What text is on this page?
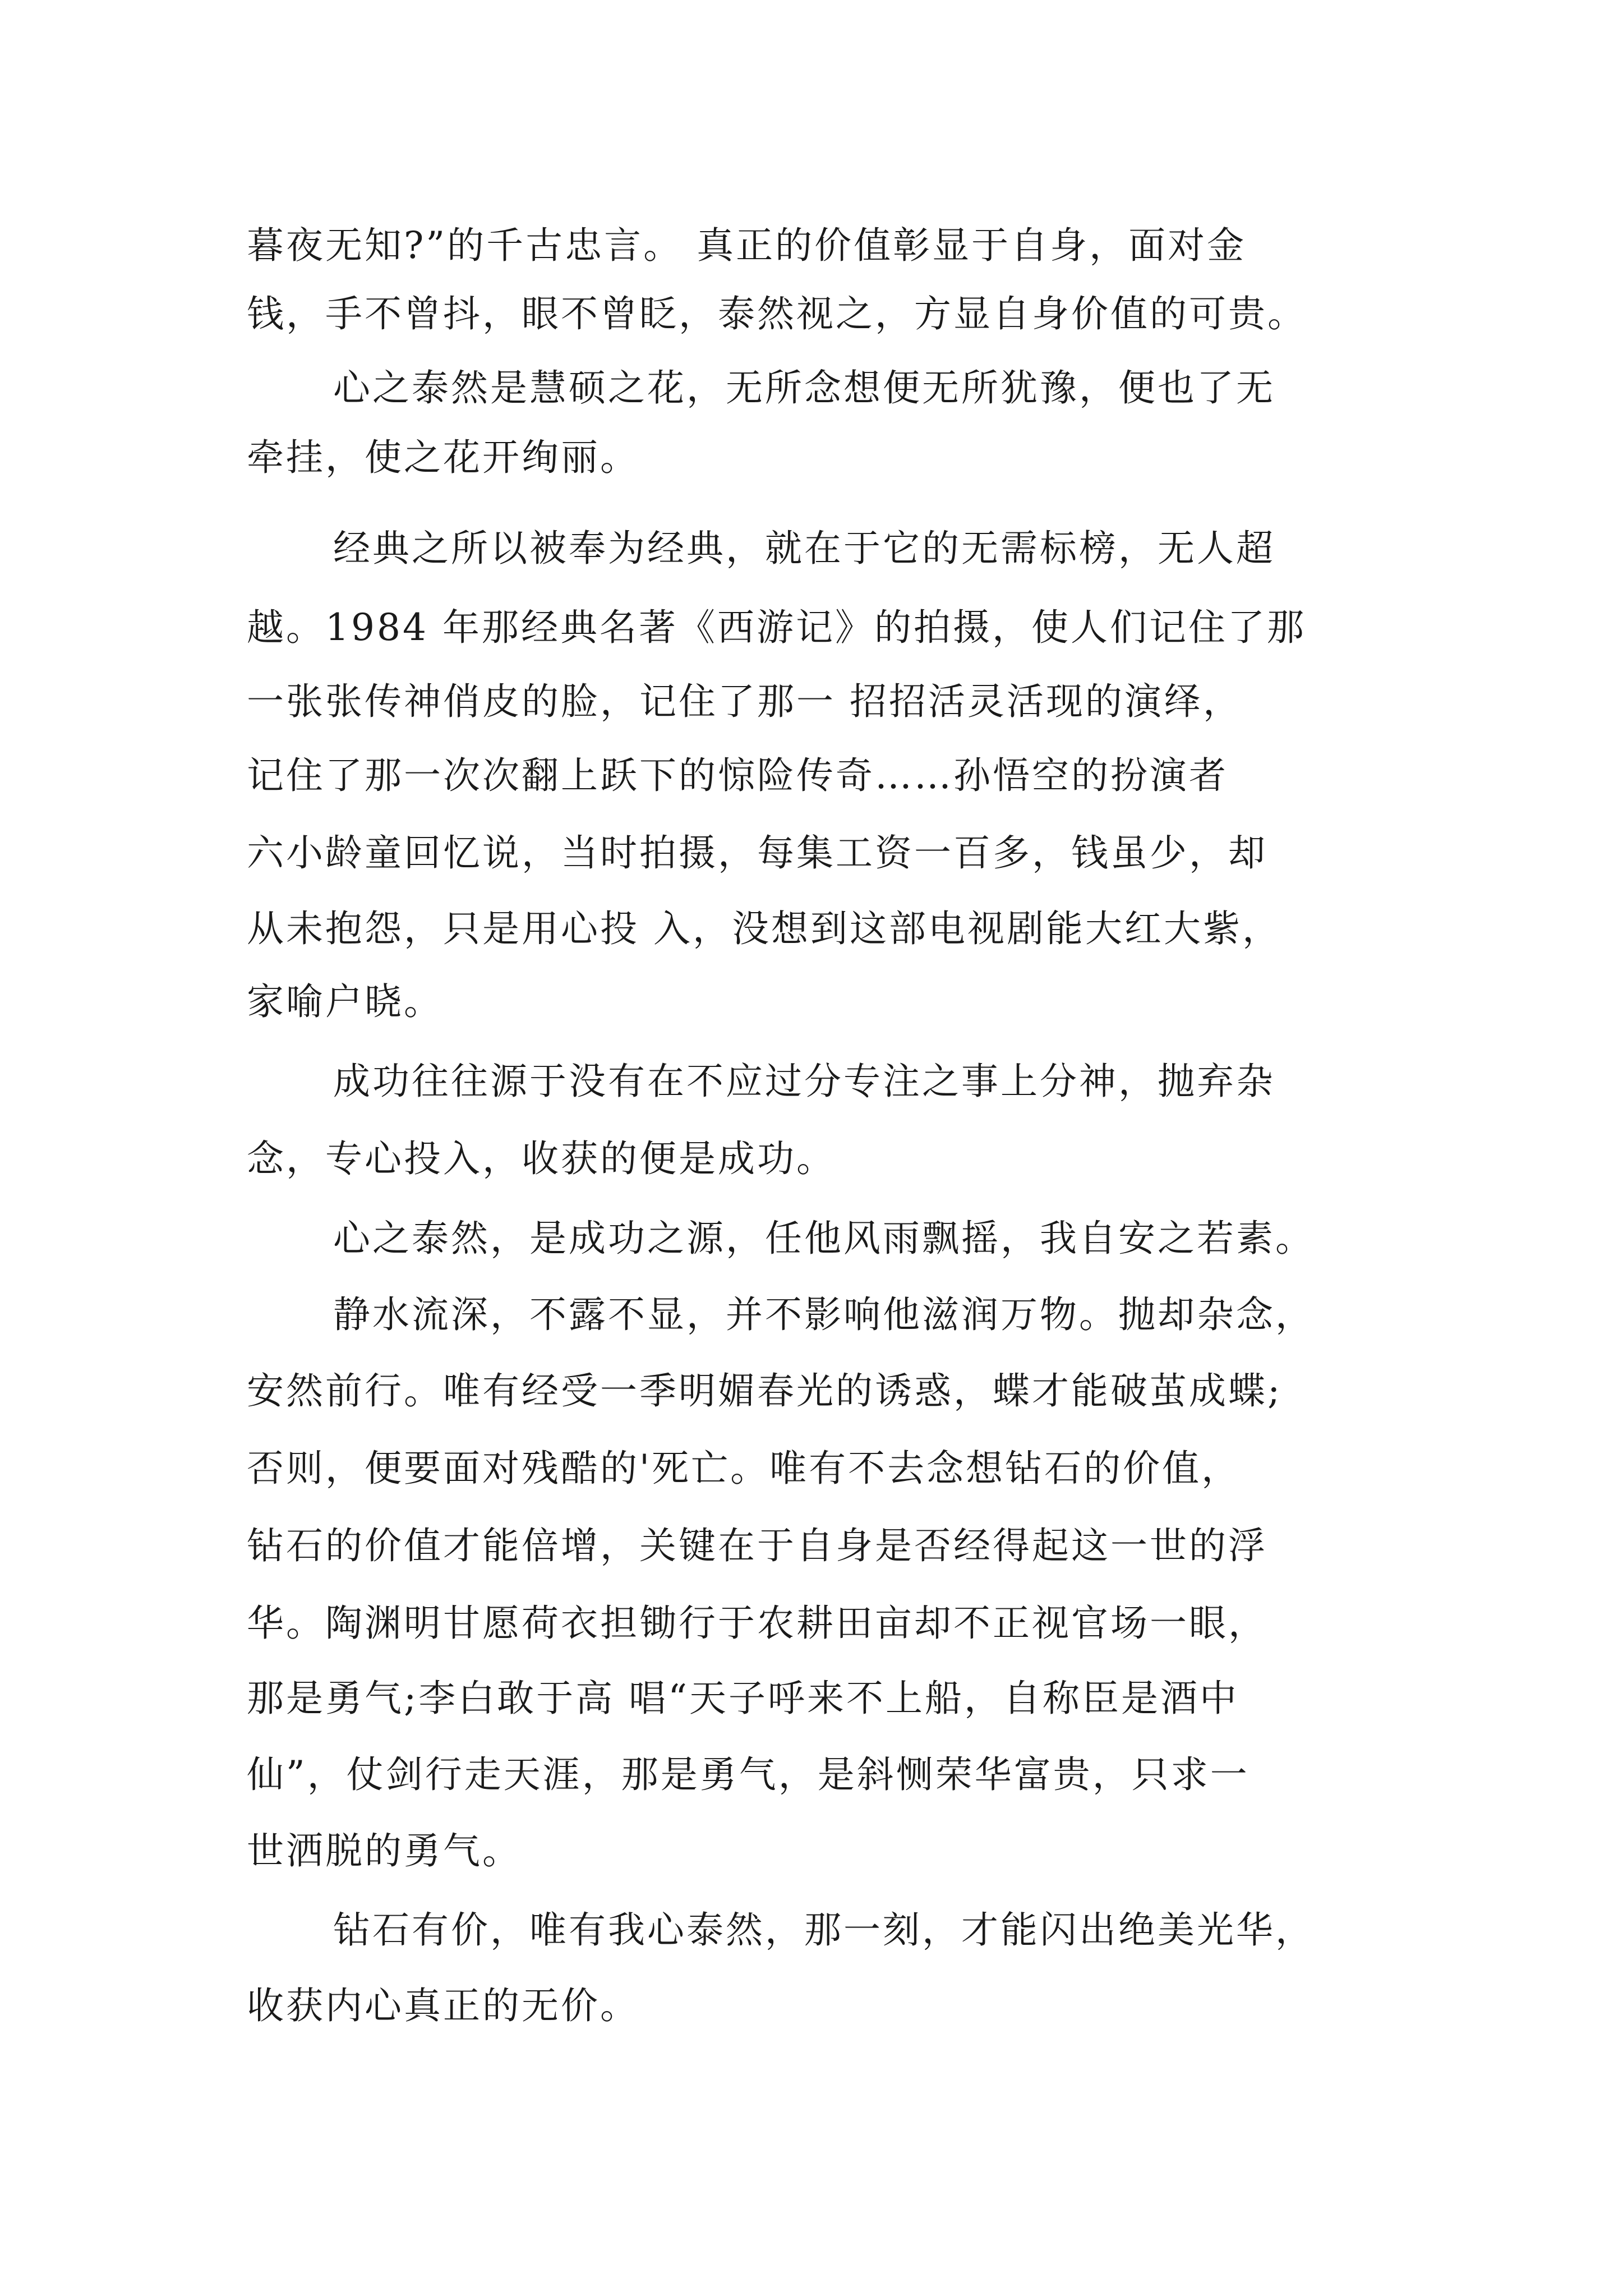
暮夜无知?”的千古忠言。 真正的价值彰显于自身，面对金
钱，手不曾抖，眼不曾眨，泰然视之，方显自身价值的可贵。
心之泰然是慧硕之花，无所念想便无所犹豫，便也了无
牵挂，使之花开绚丽。
经典之所以被奉为经典，就在于它的无需标榜，无人超
越。1984 年那经典名著《西游记》的拍摄，使人们记住了那
一张张传神俏皮的脸，记住了那一 招招活灵活现的演绎，
记住了那一次次翻上跃下的惊险传奇……孙悟空的扮演者
六小龄童回忆说，当时拍摄，每集工资一百多，钱虽少，却
从未抱怨，只是用心投 入，没想到这部电视剧能大红大紫，
家喻户晓。
成功往往源于没有在不应过分专注之事上分神，抛弃杂
念，专心投入，收获的便是成功。
心之泰然，是成功之源，任他风雨飘摇，我自安之若素。
静水流深，不露不显，并不影响他滋润万物。抛却杂念，
安然前行。唯有经受一季明媚春光的诱惑，蝶才能破茧成蝶;
否则，便要面对残酷的'死亡。唯有不去念想钻石的价值，
钻石的价值才能倍增，关键在于自身是否经得起这一世的浮
华。陶渊明甘愿荷衣担锄行于农耕田亩却不正视官场一眼，
那是勇气;李白敢于高 唱“天子呼来不上船，自称臣是酒中
仙”，仗剑行走天涯，那是勇气，是斜恻荣华富贵，只求一
世洒脱的勇气。
钻石有价，唯有我心泰然，那一刻，才能闪出绝美光华，
收获内心真正的无价。
